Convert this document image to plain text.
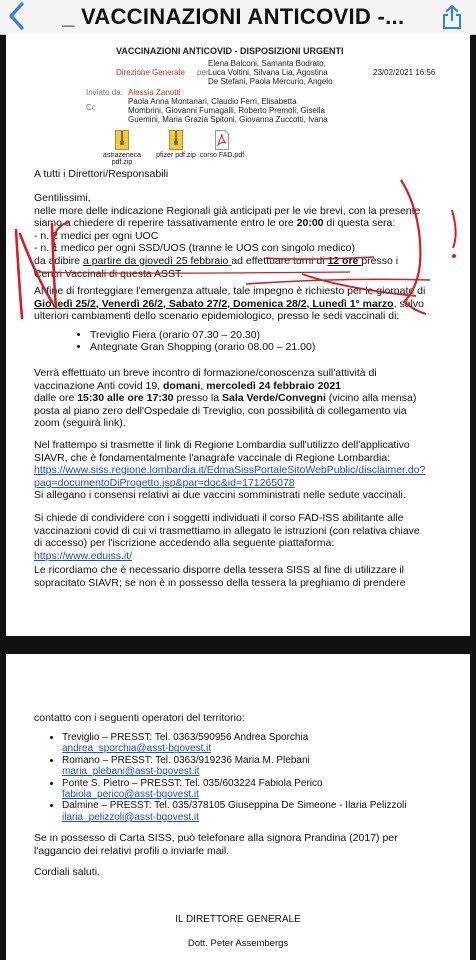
_ VACCINAZIONI ANTICOVID -...
VACCINAZIONI ANTICOVID - DISPOSIZIONI URGENTI
Elena Balconi, Samanta Bodrato,
Direzione Generale per Luca Voltini, Silvana Lia, Agostina	23/02/2021 16:56
De Stefani, Paola Mercurio, Angelo
Inviato da: Alessia Zanotti
Cc
Paola Anna Montanari, Claudio Ferri, Elisabetta
Mombrini, Giovanni Fumagalli, Roberto Premoli, Gisella
Guemini, Maria Grazia Spitoni, Giovanna Zuccotti, Ivana
astrazeneca pdf.zip
pfizer pdf.zip corso FAD.pdf
A tutti i Direttori/Responsabili
Gentilissimi,
nelle more delle indicazione Regionali già anticipati per le vie brevi, con la presente
siamo a chiedere di reperire tassativamente entro le ore 20:00 di questa sera:
- n. 2 medici per ogni UOC
- n. 1 medico per ogni SSD/UOS (tranne le UOS con singolo medico)
da adibire a partire da giovedì 25 febbraio ad effettuare turni di 12 ore presso i
Centri Vaccinali di questa ASST.
Al fine di fronteggiare l'emergenza attuale, tale impegno è richiesto per le giornate di
Giovedì 25/2, Venerdì 26/2, Sabato 27/2, Domenica 28/2, Lunedì 1° marzo, salvo
ulteriori cambiamenti dello scenario epidemiologico, presso le sedi vaccinali di:
• Treviglio Fiera (orario 07.30 – 20.30)
• Antegnate Gran Shopping (orario 08.00 – 21.00)
Verrà effettuato un breve incontro di formazione/conoscenza sull'attività di
vaccinazione Anti covid 19, domani, mercoledì 24 febbraio 2021
dalle ore 15:30 alle ore 17:30 presso la Sala Verde/Convegni (vicino alla mensa)
posta al piano zero dell'Ospedale di Treviglio, con possibilità di collegamento via
zoom (seguirà link).
Nel frattempo si trasmette il link di Regione Lombardia sull'utilizzo dell'applicativo
SIAVR, che è fondamentalmente l'anagrafe vaccinale di Regione Lombardia:
https://www.siss.regione.lombardia.it/EdmaSissPortaleSitoWebPublic/disclaimer.do?
pag=documentoDiProgetto.jsp&par=doc&id=171265078
Si allegano i consensi relativi ai due vaccini somministrati nelle sedute vaccinali.
Si chiede di condividere con i soggetti individuati il corso FAD-ISS abilitante alle
vaccinazioni covid di cui vi trasmettiamo in allegato le istruzioni (con relativa chiave
di accesso) per l'iscrizione accedendo alla seguente piattaforma:
https://www.eduiss.it/
Le ricordiamo che è necessario disporre della tessera SISS al fine di utilizzare il
sopracitato SIAVR; se non è in possesso della tessera la preghiamo di prendere
contatto con i seguenti operatori del territorio:
• Treviglio – PRESST: Tel. 0363/590956 Andrea Sporchia
andrea_sporchia@asst-bgovest.it
• Romano – PRESST: Tel. 0363/919236 Maria M. Plebani
maria_plebani@asst-bgovest.it
• Ponte S. Pietro – PRESST: Tel. 035/603224 Fabiola Perico
fabiola_perico@asst-bgovest.it
• Dalmine – PRESST: Tel. 035/378105 Giuseppina De Simeone - Ilaria Pelizzoli
ilaria_pelizzoli@asst-bgovest.it
Se in possesso di Carta SISS, può telefonare alla signora Prandina (2017) per
l'aggancio dei relativi profili o inviarle mail.
Cordiali saluti.
IL DIRETTORE GENERALE
Dott. Peter Assembergs
